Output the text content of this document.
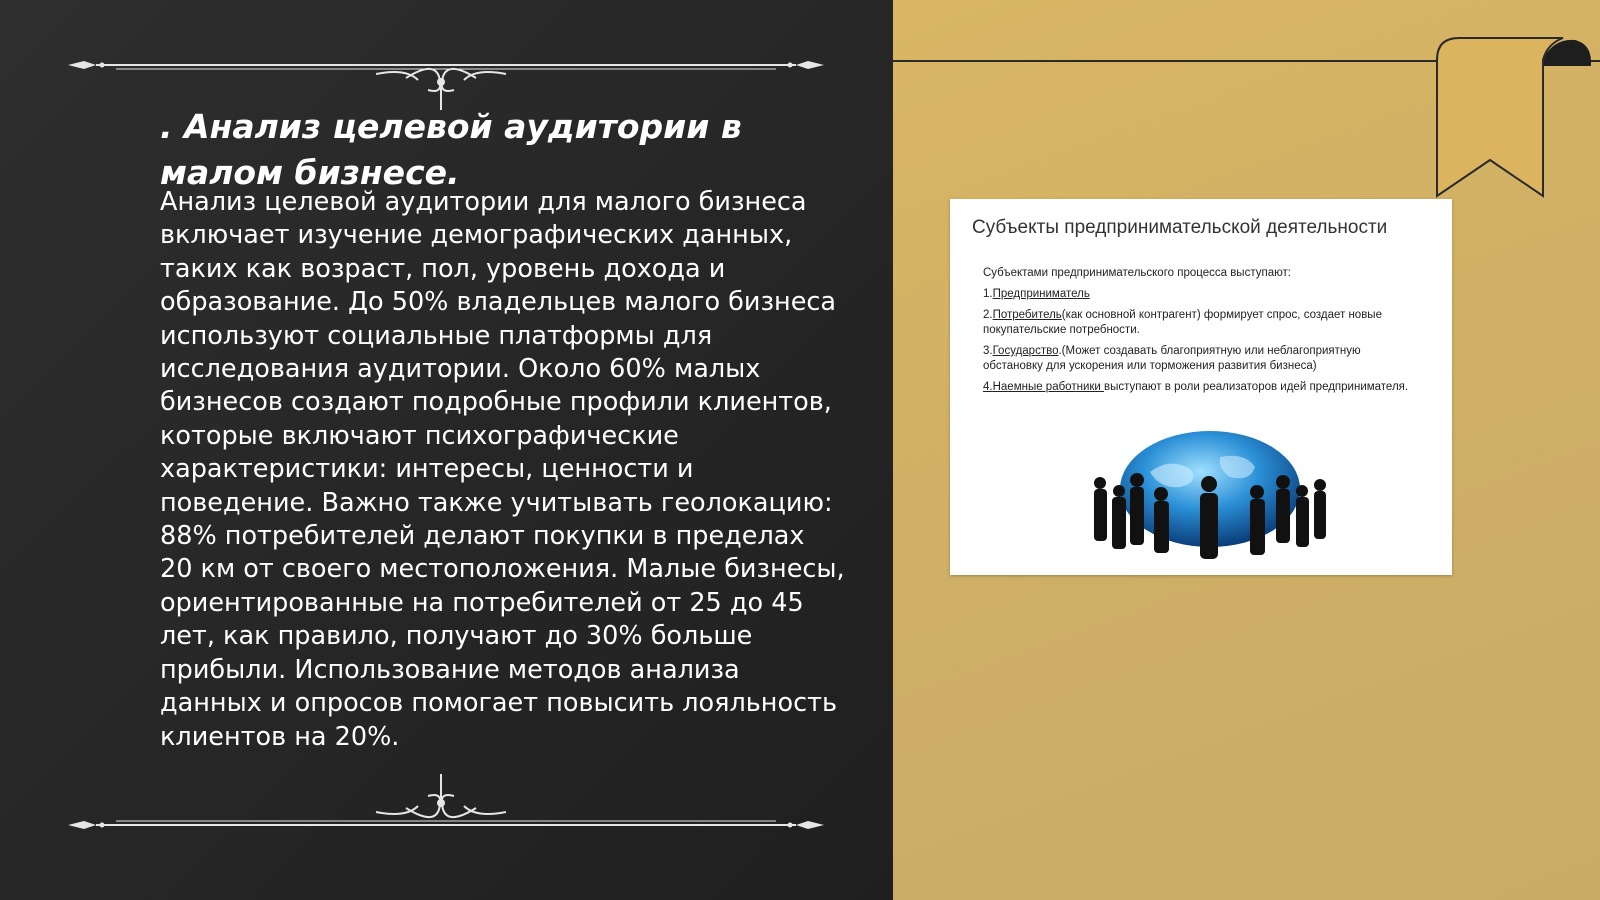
. Анализ целевой аудитории в малом бизнесе.

Анализ целевой аудитории для малого бизнеса включает изучение демографических данных, таких как возраст, пол, уровень дохода и образование. До 50% владельцев малого бизнеса используют социальные платформы для исследования аудитории. Около 60% малых бизнесов создают подробные профили клиентов, которые включают психографические характеристики: интересы, ценности и поведение. Важно также учитывать геолокацию: 88% потребителей делают покупки в пределах 20 км от своего местоположения. Малые бизнесы, ориентированные на потребителей от 25 до 45 лет, как правило, получают до 30% больше прибыли. Использование методов анализа данных и опросов помогает повысить лояльность клиентов на 20%.

Субъекты предпринимательской деятельности

Субъектами предпринимательского процесса выступают:

1.Предприниматель
2.Потребитель(как основной контрагент) формирует спрос, создает новые покупательские потребности.
3.Государство.(Может создавать благоприятную или неблагоприятную обстановку для ускорения или торможения развития бизнеса)
4.Наемные работники выступают в роли реализаторов идей предпринимателя.
